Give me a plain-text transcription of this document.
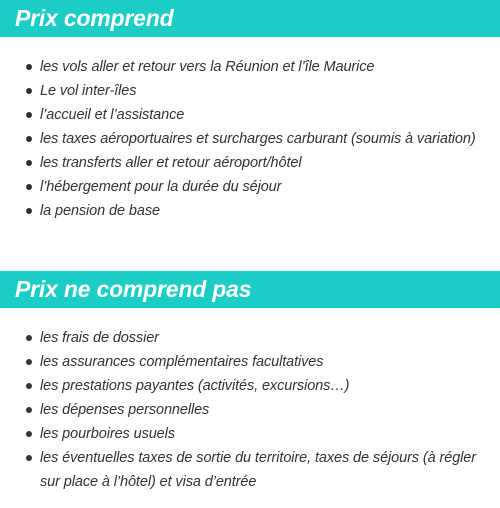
Prix comprend
les vols aller et retour vers la Réunion et l’île Maurice
Le vol inter-îles
l’accueil et l’assistance
les taxes aéroportuaires et surcharges carburant (soumis à variation)
les transferts aller et retour aéroport/hôtel
l’hébergement pour la durée du séjour
la pension de base
Prix ne comprend pas
les frais de dossier
les assurances complémentaires facultatives
les prestations payantes (activités, excursions…)
les dépenses personnelles
les pourboires usuels
les éventuelles taxes de sortie du territoire, taxes de séjours (à régler sur place à l’hôtel) et visa d’entrée
